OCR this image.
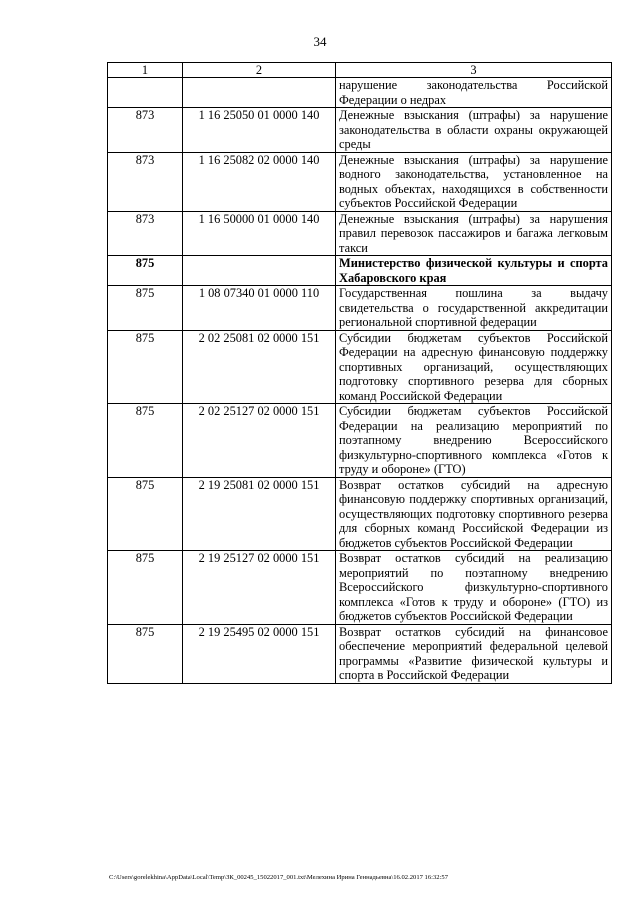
34
1	2	3
		нарушение законодательства Российской Федерации о недрах
873	1 16 25050 01 0000 140	Денежные взыскания (штрафы) за нарушение законодательства в области охраны окружающей среды
873	1 16 25082 02 0000 140	Денежные взыскания (штрафы) за нарушение водного законодательства, установленное на водных объектах, находящихся в собственности субъектов Российской Федерации
873	1 16 50000 01 0000 140	Денежные взыскания (штрафы) за нарушения правил перевозок пассажиров и багажа легковым такси
875		Министерство физической культуры и спорта Хабаровского края
875	1 08 07340 01 0000 110	Государственная пошлина за выдачу свидетельства о государственной аккредитации региональной спортивной федерации
875	2 02 25081 02 0000 151	Субсидии бюджетам субъектов Российской Федерации на адресную финансовую поддержку спортивных организаций, осуществляющих подготовку спортивного резерва для сборных команд Российской Федерации
875	2 02 25127 02 0000 151	Субсидии бюджетам субъектов Российской Федерации на реализацию мероприятий по поэтапному внедрению Всероссийского физкультурно-спортивного комплекса «Готов к труду и обороне» (ГТО)
875	2 19 25081 02 0000 151	Возврат остатков субсидий на адресную финансовую поддержку спортивных организаций, осуществляющих подготовку спортивного резерва для сборных команд Российской Федерации из бюджетов субъектов Российской Федерации
875	2 19 25127 02 0000 151	Возврат остатков субсидий на реализацию мероприятий по поэтапному внедрению Всероссийского физкультурно-спортивного комплекса «Готов к труду и обороне» (ГТО) из бюджетов субъектов Российской Федерации
875	2 19 25495 02 0000 151	Возврат остатков субсидий на финансовое обеспечение мероприятий федеральной целевой программы «Развитие физической культуры и спорта в Российской Федерации
C:\Users\gorelekhina\AppData\Local\Temp\ЗК_00245_15022017_001.txt\Мелехина Ирина Геннадьевна\16.02.2017 16:32:57
